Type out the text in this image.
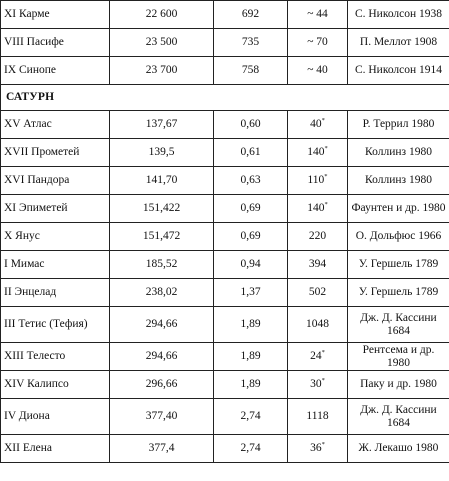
XI Карме	22 600	692	~ 44	С. Николсон 1938

VIII Пасифе	23 500	735	~ 70	П. Меллот 1908

IX Синопе	23 700	758	~ 40	С. Николсон 1914

САТУРН				
XV Атлас	137,67	0,60	40*	Р. Террил 1980

XVII Прометей	139,5	0,61	140*	Коллинз 1980

XVI Пандора	141,70	0,63	110*	Коллинз 1980

XI Эпиметей	151,422	0,69	140*	Фаунтен и др. 1980

X Янус	151,472	0,69	220	О. Дольфюс 1966

I Мимас	185,52	0,94	394	У. Гершель 1789

II Энцелад	238,02	1,37	502	У. Гершель 1789

III Тетис (Тефия)	294,66	1,89	1048	Дж. Д. Кассини
1684

XIII Телесто	294,66	1,89	24*	Рентсема и др. 1980

XIV Калипсо	296,66	1,89	30*	Паку и др. 1980

IV Диона	377,40	2,74	1118	Дж. Д. Кассини
1684

XII Елена	377,4	2,74	36*	Ж. Лекашо 1980
